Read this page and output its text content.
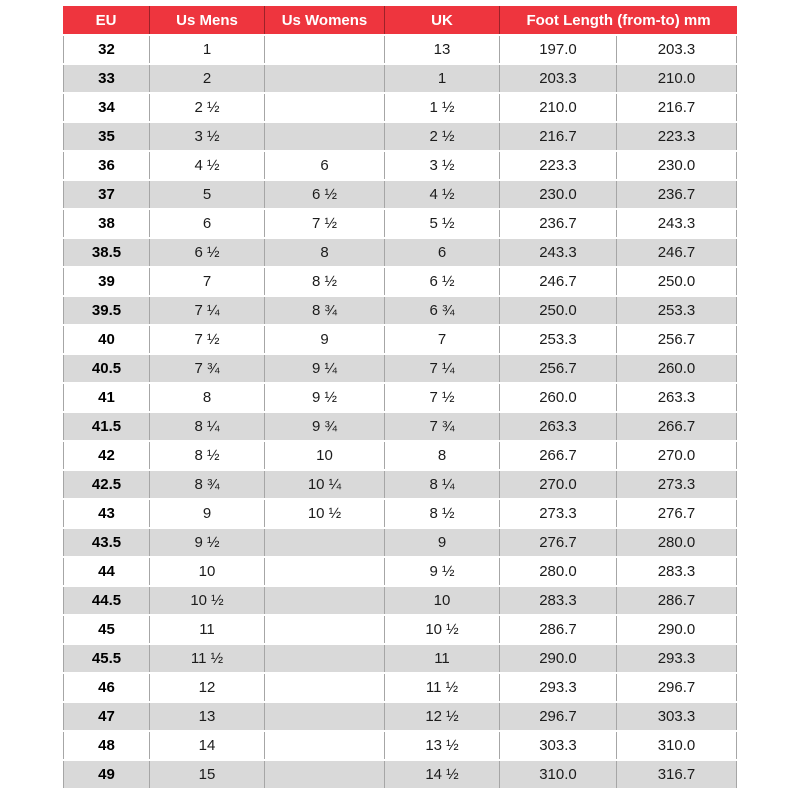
EU	Us Mens	Us Womens	UK	Foot Length (from-to) mm	
32	1		13	197.0	203.3
33	2		1	203.3	210.0
34	2 ½		1 ½	210.0	216.7
35	3 ½		2 ½	216.7	223.3
36	4 ½	6	3 ½	223.3	230.0
37	5	6 ½	4 ½	230.0	236.7
38	6	7 ½	5 ½	236.7	243.3
38.5	6 ½	8	6	243.3	246.7
39	7	8 ½	6 ½	246.7	250.0
39.5	7 ¼	8 ¾	6 ¾	250.0	253.3
40	7 ½	9	7	253.3	256.7
40.5	7 ¾	9 ¼	7 ¼	256.7	260.0
41	8	9 ½	7 ½	260.0	263.3
41.5	8 ¼	9 ¾	7 ¾	263.3	266.7
42	8 ½	10	8	266.7	270.0
42.5	8 ¾	10 ¼	8 ¼	270.0	273.3
43	9	10 ½	8 ½	273.3	276.7
43.5	9 ½		9	276.7	280.0
44	10		9 ½	280.0	283.3
44.5	10 ½		10	283.3	286.7
45	11		10 ½	286.7	290.0
45.5	11 ½		11	290.0	293.3
46	12		11 ½	293.3	296.7
47	13		12 ½	296.7	303.3
48	14		13 ½	303.3	310.0
49	15		14 ½	310.0	316.7
